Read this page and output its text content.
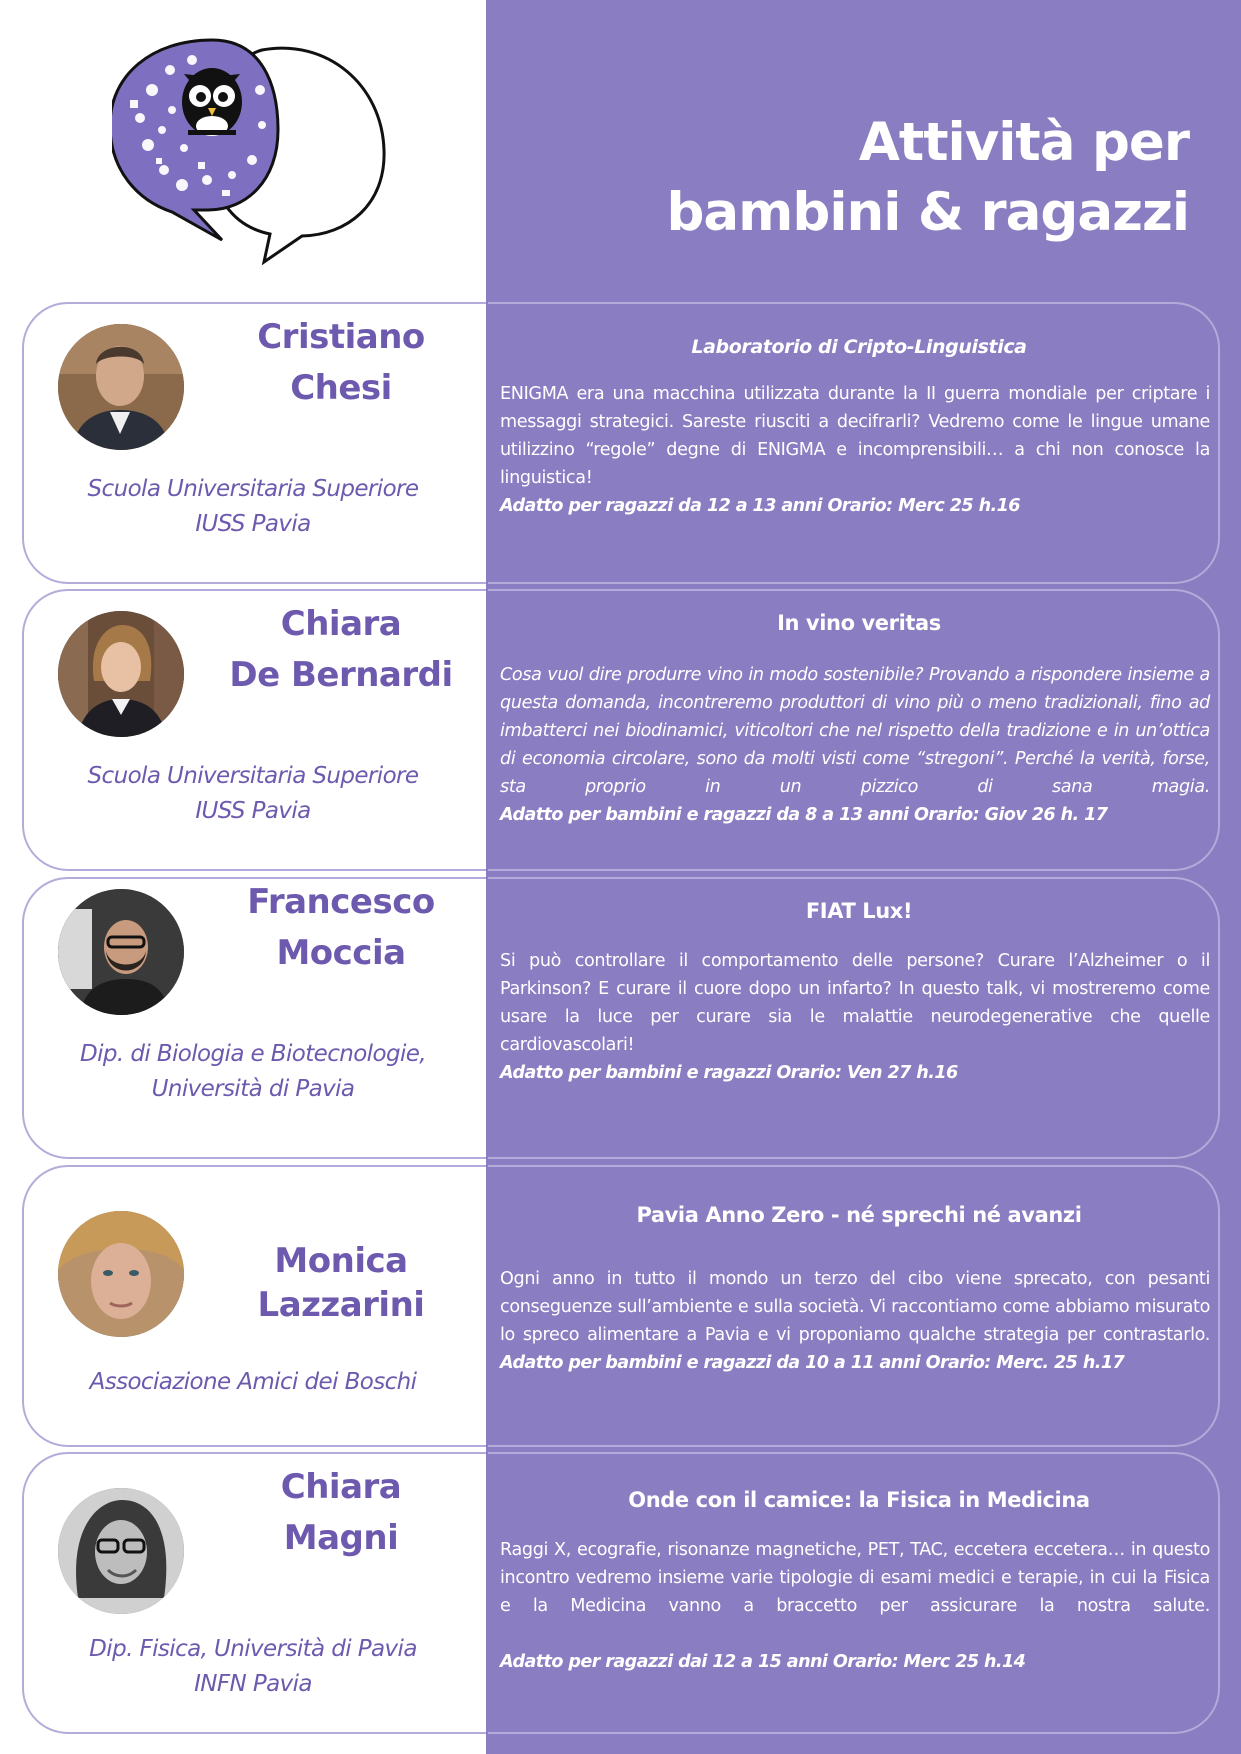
Attività per
bambini & ragazzi
Cristiano
Chesi
Scuola Universitaria Superiore
IUSS Pavia
Laboratorio di Cripto-Linguistica
ENIGMA era una macchina utilizzata durante la II guerra mondiale per criptare i messaggi strategici. Sareste riusciti a decifrarli? Vedremo come le lingue umane utilizzino “regole” degne di ENIGMA e incomprensibili… a chi non conosce la linguistica!
Adatto per ragazzi da 12 a 13 anni Orario: Merc 25 h.16
Chiara
De Bernardi
Scuola Universitaria Superiore
IUSS Pavia
In vino veritas
Cosa vuol dire produrre vino in modo sostenibile? Provando a rispondere insieme a questa domanda, incontreremo produttori di vino più o meno tradizionali, fino ad imbatterci nei biodinamici, viticoltori che nel rispetto della tradizione e in un’ottica di economia circolare, sono da molti visti come “stregoni”. Perché la verità, forse, sta proprio in un pizzico di sana magia.
Adatto per bambini e ragazzi da 8 a 13 anni Orario: Giov 26 h. 17
Francesco
Moccia
Dip. di Biologia e Biotecnologie,
Università di Pavia
FIAT Lux!
Si può controllare il comportamento delle persone? Curare l’Alzheimer o il Parkinson? E curare il cuore dopo un infarto? In questo talk, vi mostreremo come usare la luce per curare sia le malattie neurodegenerative che quelle cardiovascolari!
Adatto per bambini e ragazzi Orario: Ven 27 h.16
Monica
Lazzarini
Associazione Amici dei Boschi
Pavia Anno Zero - né sprechi né avanzi
Ogni anno in tutto il mondo un terzo del cibo viene sprecato, con pesanti conseguenze sull’ambiente e sulla società. Vi raccontiamo come abbiamo misurato lo spreco alimentare a Pavia e vi proponiamo qualche strategia per contrastarlo.
Adatto per bambini e ragazzi da 10 a 11 anni Orario: Merc. 25 h.17
Chiara
Magni
Dip. Fisica, Università di Pavia
INFN Pavia
Onde con il camice: la Fisica in Medicina
Raggi X, ecografie, risonanze magnetiche, PET, TAC, eccetera eccetera… in questo incontro vedremo insieme varie tipologie di esami medici e terapie, in cui la Fisica e la Medicina vanno a braccetto per assicurare la nostra salute.
Adatto per ragazzi dai 12 a 15 anni Orario: Merc 25 h.14
